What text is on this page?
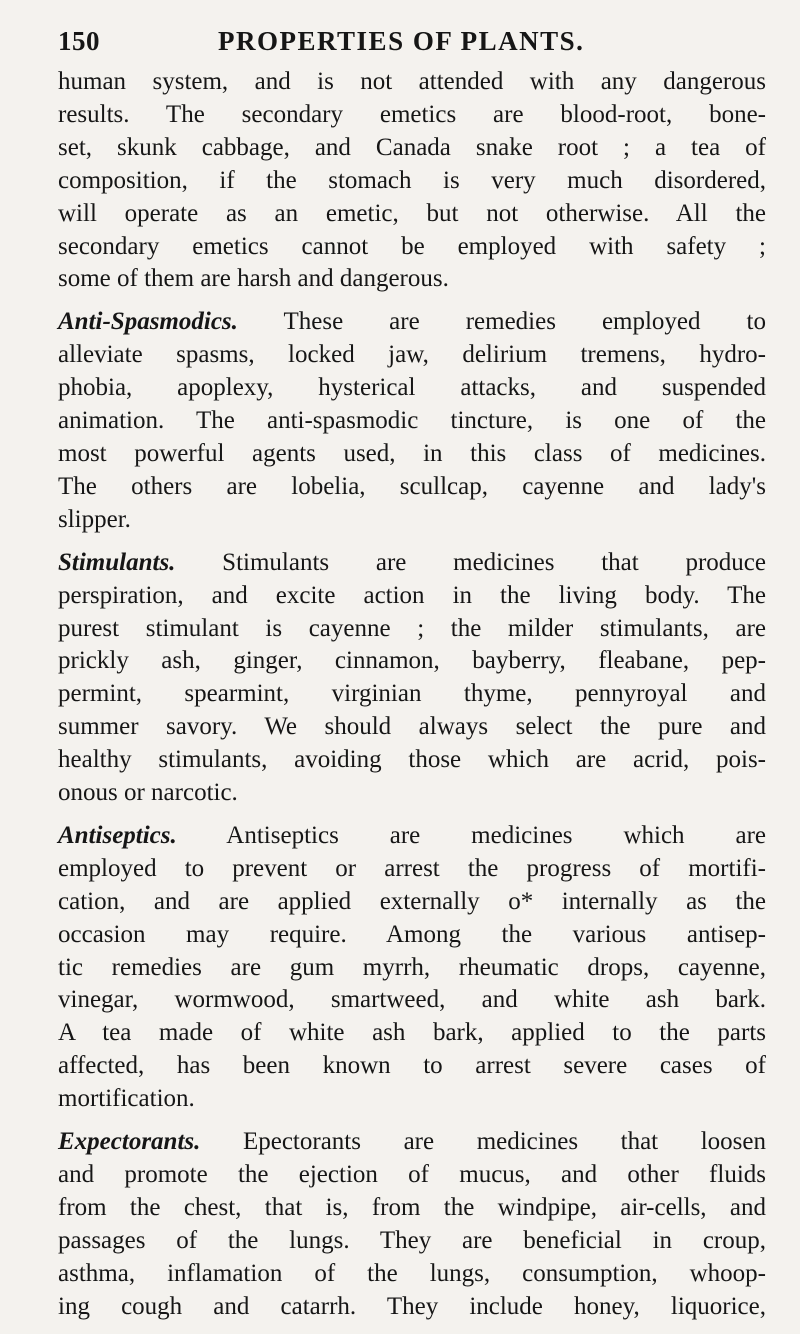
150	PROPERTIES OF PLANTS.

human system, and is not attended with any dangerous
results. The secondary emetics are blood-root, bone-
set, skunk cabbage, and Canada snake root ; a tea of
composition, if the stomach is very much disordered,
will operate as an emetic, but not otherwise. All the
secondary emetics cannot be employed with safety ;
some of them are harsh and dangerous.

Anti-Spasmodics. These are remedies employed to
alleviate spasms, locked jaw, delirium tremens, hydro-
phobia, apoplexy, hysterical attacks, and suspended
animation. The anti-spasmodic tincture, is one of the
most powerful agents used, in this class of medicines.
The others are lobelia, scullcap, cayenne and lady's
slipper.

Stimulants. Stimulants are medicines that produce
perspiration, and excite action in the living body. The
purest stimulant is cayenne ; the milder stimulants, are
prickly ash, ginger, cinnamon, bayberry, fleabane, pep-
permint, spearmint, virginian thyme, pennyroyal and
summer savory. We should always select the pure and
healthy stimulants, avoiding those which are acrid, pois-
onous or narcotic.

Antiseptics. Antiseptics are medicines which are
employed to prevent or arrest the progress of mortifi-
cation, and are applied externally o* internally as the
occasion may require. Among the various antisep-
tic remedies are gum myrrh, rheumatic drops, cayenne,
vinegar, wormwood, smartweed, and white ash bark.
A tea made of white ash bark, applied to the parts
affected, has been known to arrest severe cases of
mortification.

Expectorants. Epectorants are medicines that loosen
and promote the ejection of mucus, and other fluids
from the chest, that is, from the windpipe, air-cells, and
passages of the lungs. They are beneficial in croup,
asthma, inflamation of the lungs, consumption, whoop-
ing cough and catarrh. They include honey, liquorice,
